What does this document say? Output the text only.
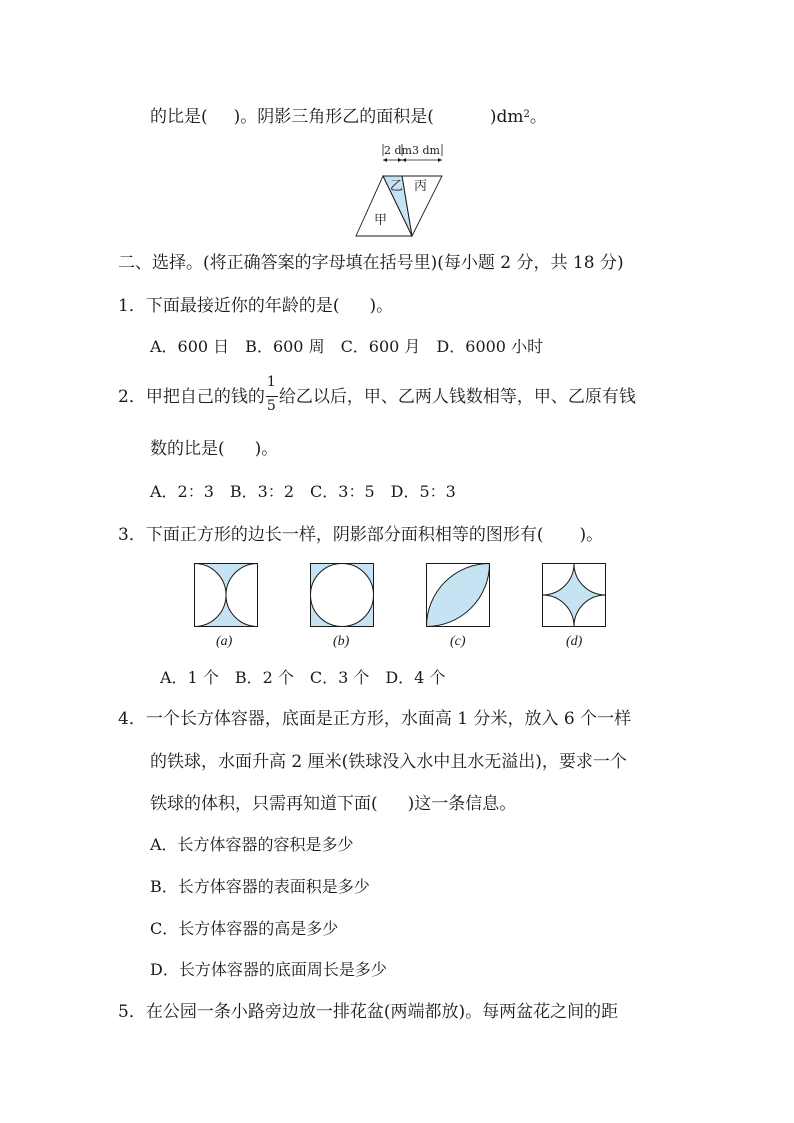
的比是( )。阴影三角形乙的面积是(	)$dm^2$。
2 dm 3 dm
乙 丙
甲
二、选择。(将正确答案的字母填在括号里)(每小题 2 分，共 18 分)
1．下面最接近你的年龄的是( )。
A．600 日　B．600 周　C．600 月　D．6000 小时
2．甲把自己的钱的 $\frac{1}{5}$ 给乙以后，甲、乙两人钱数相等，甲、乙原有钱
数的比是( )。
A．2：3　B．3：2　C．3：5　D．5：3
3．下面正方形的边长一样，阴影部分面积相等的图形有( )。
(a)	(b)	(c)	(d)
A．1 个　B．2 个　C．3 个　D．4 个
4．一个长方体容器，底面是正方形，水面高 1 分米，放入 6 个一样
的铁球，水面升高 2 厘米(铁球没入水中且水无溢出)，要求一个
铁球的体积，只需再知道下面( )这一条信息。
A．长方体容器的容积是多少
B．长方体容器的表面积是多少
C．长方体容器的高是多少
D．长方体容器的底面周长是多少
5．在公园一条小路旁边放一排花盆(两端都放)。每两盆花之间的距
